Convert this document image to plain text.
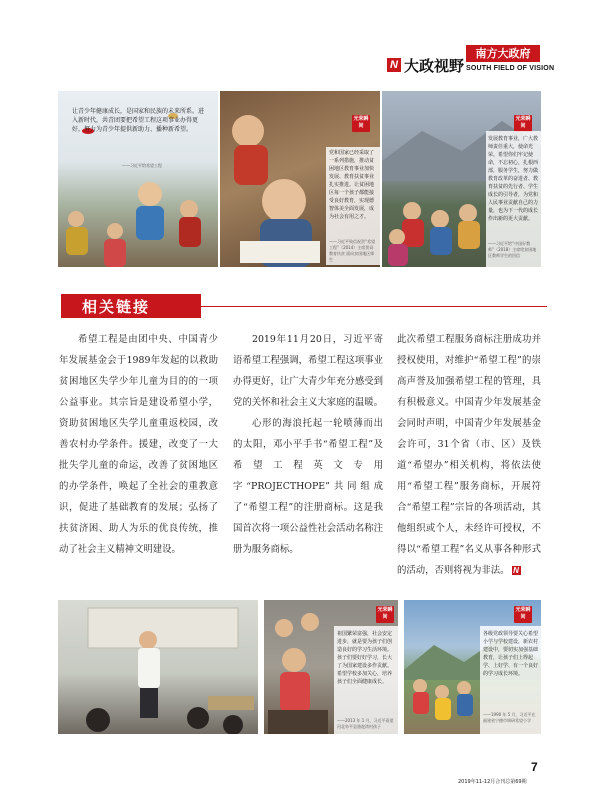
N 大政视野
南方大政府
SOUTH FIELD OF VISION
让青少年健康成长，是国家和民族的未来所系。进入新时代，共青团要把希望工程这项事业办得更好，努力为青少年提供新助力、播种新希望。
——习近平给希望工程
光荣瞬间
党和国家已经采取了一系列措施，推动贫困地区教育事业加快发展、教育扶贫事业扎实推进。让贫困地区每一个孩子都能接受良好教育，实现德智体美全面发展，成为社会有用之才。
——习近平致信祝贺“希望工程”（2014）主席贺词 教育扶贫 面向贫困地区师生
光荣瞬间
发展教育事业，广大教师责任重大，使命光荣。希望你们牢记使命，不忘初心，扎根西部，服务学生，努力做教育改革的奋进者、教育扶贫的先行者、学生成长的引导者，为党和人民事业贡献自己的力量，也为下一代的成长作出新的更大贡献。
——习近平给“中国好教师”（2018）主席给贫困地区教师学生的回信
相关链接
希望工程是由团中央、中国青少年发展基金会于1989年发起的以救助贫困地区失学少年儿童为目的的一项公益事业。其宗旨是建设希望小学，资助贫困地区失学儿童重返校园，改善农村办学条件。援建，改变了一大批失学儿童的命运，改善了贫困地区的办学条件，唤起了全社会的重教意识，促进了基础教育的发展；弘扬了扶贫济困、助人为乐的优良传统，推动了社会主义精神文明建设。

2019年11月20日，习近平寄语希望工程强调，希望工程这项事业办得更好，让广大青少年充分感受到党的关怀和社会主义大家庭的温暖。

心形的海浪托起一轮喷薄而出的太阳，邓小平手书“希望工程”及希望工程英文专用字“PROJECTHOPE”共同组成了“希望工程”的注册商标。这是我国首次将一项公益性社会活动名称注册为服务商标。

此次希望工程服务商标注册成功并授权使用，对维护“希望工程”的崇高声誉及加强希望工程的管理，具有积极意义。中国青少年发展基金会同时声明，中国青少年发展基金会许可，31个省（市、区）及铁道“希望办”相关机构，将依法使用“希望工程”服务商标，开展符合“希望工程”宗旨的各项活动，其他组织或个人，未经许可授权，不得以“希望工程”名义从事各种形式的活动，否则将视为非法。 N
光荣瞬间
祖国繁荣富强，社会安定进步，就是要为孩子们创造良好的学习生活环境。孩子们要好好学习，长大了为国家建设多作贡献。希望学校多加关心，培养孩子们全面健康成长。
——2013 年 1 月，习近平看望河北阜平县骆驼湾村孩子
光荣瞬间
各级党政领导要关心希望小学与学校建设，新农村建设中，要切实加强基础教育，让孩子们上得起学、上好学、有一个良好的学习成长环境。
——1990 年 5 月，习近平在福建省宁德市调研希望小学
7
2019年11-12月合刊总第69期
